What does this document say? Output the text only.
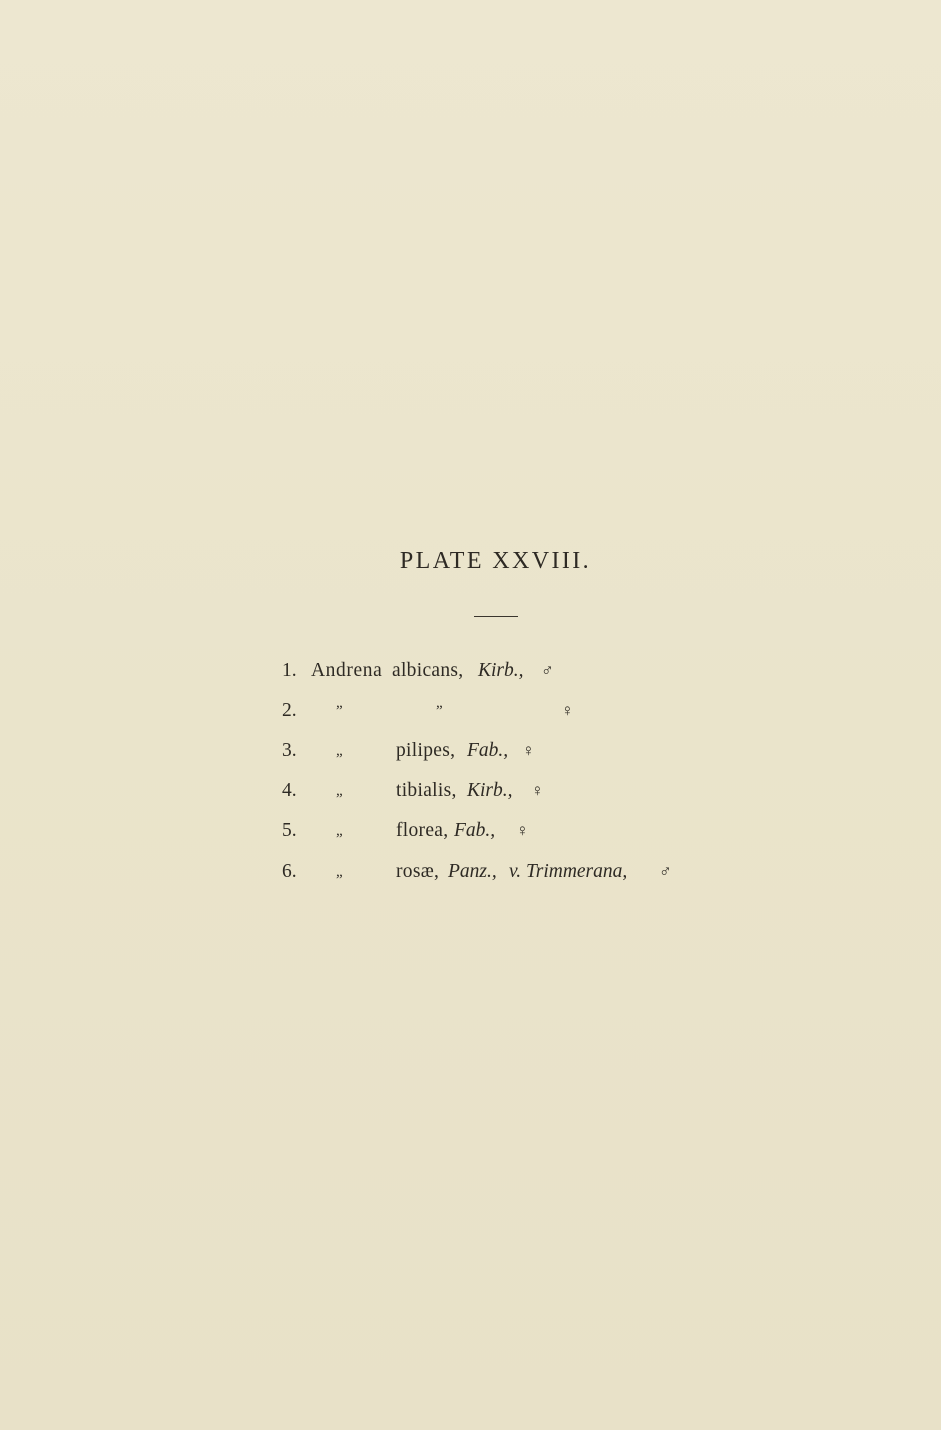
PLATE XXVIII.
1. Andrena albicans, Kirb., ♂
2.	”	”	♀
3.	„	pilipes, Fab., ♀
4.	„	tibialis, Kirb., ♀
5.	„	florea, Fab., ♀
6.	„	rosæ, Panz., v. Trimmerana, ♂
